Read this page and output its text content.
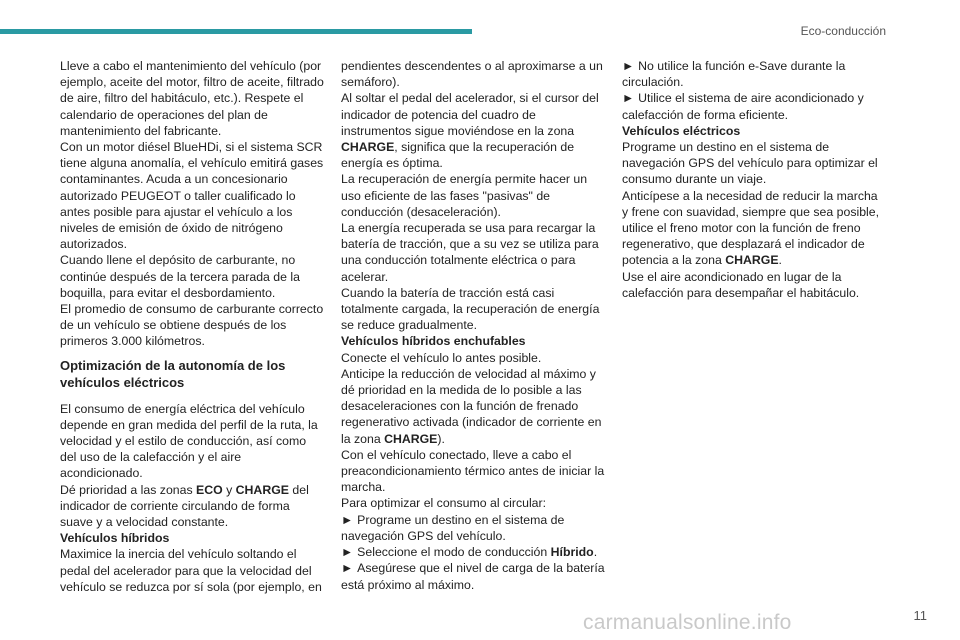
Eco-conducción

Lleve a cabo el mantenimiento del vehículo (por ejemplo, aceite del motor, filtro de aceite, filtrado de aire, filtro del habitáculo, etc.). Respete el calendario de operaciones del plan de mantenimiento del fabricante.

Con un motor diésel BlueHDi, si el sistema SCR tiene alguna anomalía, el vehículo emitirá gases contaminantes. Acuda a un concesionario autorizado PEUGEOT o taller cualificado lo antes posible para ajustar el vehículo a los niveles de emisión de óxido de nitrógeno autorizados.

Cuando llene el depósito de carburante, no continúe después de la tercera parada de la boquilla, para evitar el desbordamiento.

El promedio de consumo de carburante correcto de un vehículo se obtiene después de los primeros 3.000 kilómetros.

Optimización de la autonomía de los vehículos eléctricos

El consumo de energía eléctrica del vehículo depende en gran medida del perfil de la ruta, la velocidad y el estilo de conducción, así como del uso de la calefacción y el aire acondicionado.

Dé prioridad a las zonas ECO y CHARGE del indicador de corriente circulando de forma suave y a velocidad constante.

Vehículos híbridos

Maximice la inercia del vehículo soltando el pedal del acelerador para que la velocidad del vehículo se reduzca por sí sola (por ejemplo, en

pendientes descendentes o al aproximarse a un semáforo).

Al soltar el pedal del acelerador, si el cursor del indicador de potencia del cuadro de instrumentos sigue moviéndose en la zona CHARGE, significa que la recuperación de energía es óptima.

La recuperación de energía permite hacer un uso eficiente de las fases "pasivas" de conducción (desaceleración).

La energía recuperada se usa para recargar la batería de tracción, que a su vez se utiliza para una conducción totalmente eléctrica o para acelerar.

Cuando la batería de tracción está casi totalmente cargada, la recuperación de energía se reduce gradualmente.

Vehículos híbridos enchufables

Conecte el vehículo lo antes posible.

Anticipe la reducción de velocidad al máximo y dé prioridad en la medida de lo posible a las desaceleraciones con la función de frenado regenerativo activada (indicador de corriente en la zona CHARGE).

Con el vehículo conectado, lleve a cabo el preacondicionamiento térmico antes de iniciar la marcha.

Para optimizar el consumo al circular:

► Programe un destino en el sistema de navegación GPS del vehículo.

► Seleccione el modo de conducción Híbrido.

► Asegúrese que el nivel de carga de la batería está próximo al máximo.

► No utilice la función e-Save durante la circulación.

► Utilice el sistema de aire acondicionado y calefacción de forma eficiente.

Vehículos eléctricos

Programe un destino en el sistema de navegación GPS del vehículo para optimizar el consumo durante un viaje.

Anticípese a la necesidad de reducir la marcha y frene con suavidad, siempre que sea posible, utilice el freno motor con la función de freno regenerativo, que desplazará el indicador de potencia a la zona CHARGE.

Use el aire acondicionado en lugar de la calefacción para desempañar el habitáculo.

carmanualsonline.info	11
